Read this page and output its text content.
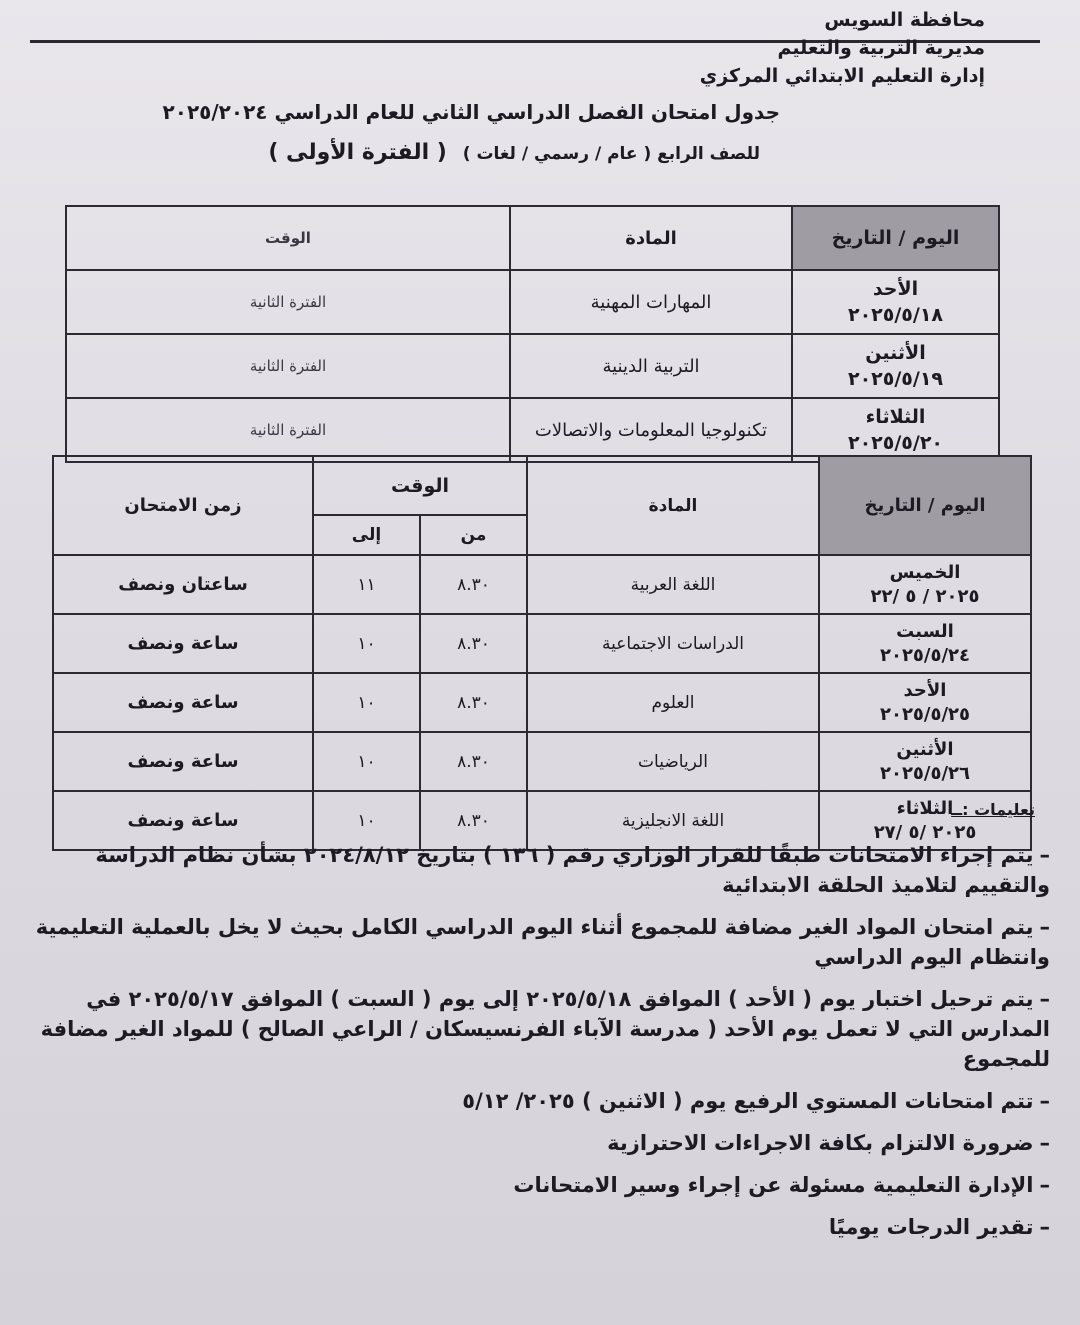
محافظة السويس
مديرية التربية والتعليم
إدارة التعليم الابتدائي المركزي
جدول امتحان الفصل الدراسي الثاني للعام الدراسي ٢٠٢٥/٢٠٢٤
للصف الرابع ( عام / رسمي / لغات ) ( الفترة الأولى )
اليوم / التاريخ	المادة	الوقت

الأحد
٢٠٢٥/٥/١٨	المهارات المهنية	الفترة الثانية

الأثنين
٢٠٢٥/٥/١٩	التربية الدينية	الفترة الثانية

الثلاثاء
٢٠٢٥/٥/٢٠	تكنولوجيا المعلومات والاتصالات	الفترة الثانية
اليوم / التاريخ	المادة	الوقت		زمن الامتحان
		من	إلى	

الخميس
٢٠٢٥ / ٥ /٢٢	اللغة العربية	٨.٣٠	١١	ساعتان ونصف

السبت
٢٠٢٥/٥/٢٤	الدراسات الاجتماعية	٨.٣٠	١٠	ساعة ونصف

الأحد
٢٠٢٥/٥/٢٥	العلوم	٨.٣٠	١٠	ساعة ونصف

الأثنين
٢٠٢٥/٥/٢٦	الرياضيات	٨.٣٠	١٠	ساعة ونصف

الثلاثاء
٢٠٢٥ /٥ /٢٧	اللغة الانجليزية	٨.٣٠	١٠	ساعة ونصف
تعليمات :ــ

–يتم إجراء الامتحانات طبقًا للقرار الوزاري رقم ( ١٣٦ ) بتاريخ ٢٠٢٤/٨/١٢ بشأن نظام الدراسة والتقييم لتلاميذ الحلقة الابتدائية

–يتم امتحان المواد الغير مضافة للمجموع أثناء اليوم الدراسي الكامل بحيث لا يخل بالعملية التعليمية وانتظام اليوم الدراسي

–يتم ترحيل اختبار يوم ( الأحد ) الموافق ٢٠٢٥/٥/١٨ إلى يوم ( السبت ) الموافق ٢٠٢٥/٥/١٧ في المدارس التي لا تعمل يوم الأحد ( مدرسة الآباء الفرنسيسكان / الراعي الصالح ) للمواد الغير مضافة للمجموع

–تتم امتحانات المستوي الرفيع يوم ( الاثنين ) ٢٠٢٥/ ٥/١٢

–ضرورة الالتزام بكافة الاجراءات الاحترازية

–الإدارة التعليمية مسئولة عن إجراء وسير الامتحانات

–تقدير الدرجات يوميًا
